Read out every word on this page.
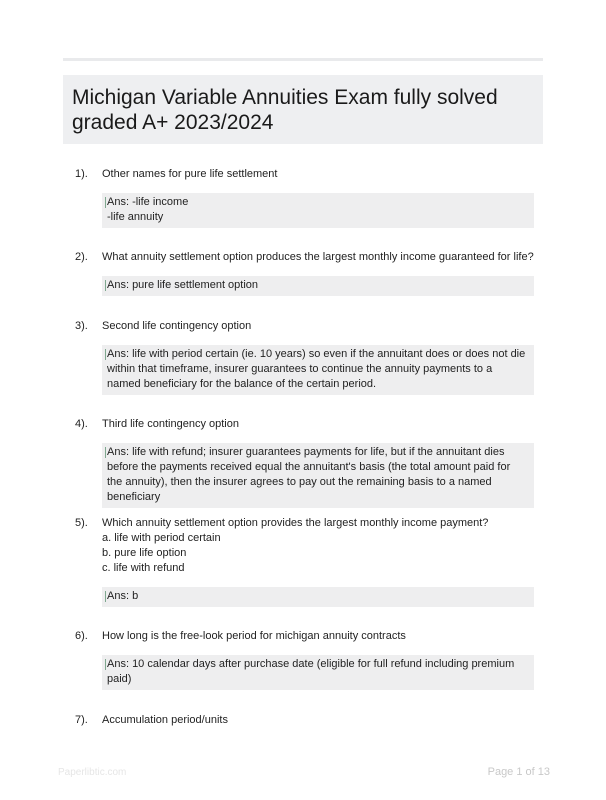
Michigan Variable Annuities Exam fully solved graded A+ 2023/2024
1). Other names for pure life settlement
Ans: -life income
-life annuity
2). What annuity settlement option produces the largest monthly income guaranteed for life?
Ans: pure life settlement option
3). Second life contingency option
Ans: life with period certain (ie. 10 years) so even if the annuitant does or does not die within that timeframe, insurer guarantees to continue the annuity payments to a named beneficiary for the balance of the certain period.
4). Third life contingency option
Ans: life with refund; insurer guarantees payments for life, but if the annuitant dies before the payments received equal the annuitant's basis (the total amount paid for the annuity), then the insurer agrees to pay out the remaining basis to a named beneficiary
5). Which annuity settlement option provides the largest monthly income payment?
a. life with period certain
b. pure life option
c. life with refund
Ans: b
6). How long is the free-look period for michigan annuity contracts
Ans: 10 calendar days after purchase date (eligible for full refund including premium paid)
7). Accumulation period/units
Paperlibtic.com	Page 1 of 13
